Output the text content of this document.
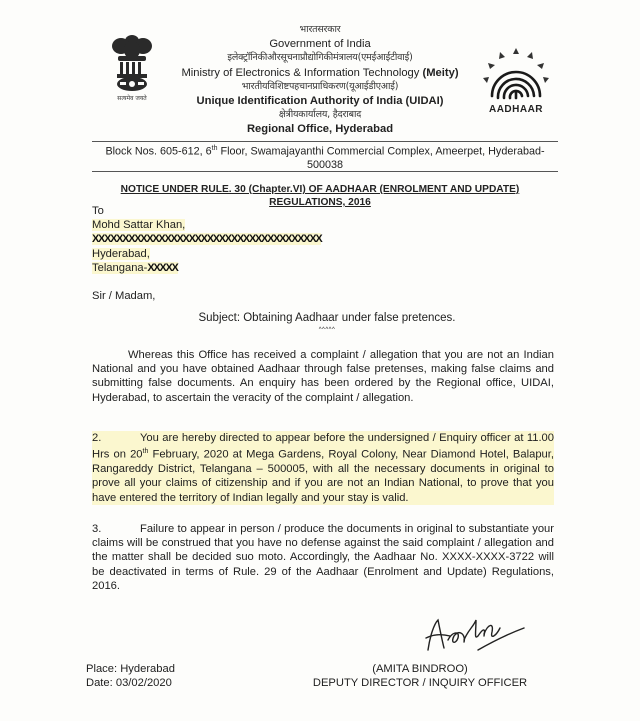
सत्यमेव जयते
AADHAAR
भारतसरकार
Government of India
इलेक्ट्रॉनिकीऔरसूचनाप्रौद्योगिकीमंत्रालय(एमईआईटीवाई)
Ministry of Electronics & Information Technology (Meity)
भारतीयविशिष्टपहचानप्राधिकरण(यूआईडीएआई)
Unique Identification Authority of India (UIDAI)
क्षेत्रीयकार्यालय, हैदराबाद
Regional Office, Hyderabad
Block Nos. 605-612, 6th Floor, Swamajayanthi Commercial Complex, Ameerpet, Hyderabad-
500038
NOTICE UNDER RULE. 30 (Chapter.VI) OF AADHAAR (ENROLMENT AND UPDATE)
REGULATIONS, 2016
To
Mohd Sattar Khan,
XXXXXXXXXXXXXXXXXXXXXXXXXXXXXXXXXXXXXX
Hyderabad,
Telangana-XXXXX
Sir / Madam,
Subject: Obtaining Aadhaar under false pretences.
^^^^^
Whereas this Office has received a complaint / allegation that you are not an Indian National and you have obtained Aadhaar through false pretenses, making false claims and submitting false documents. An enquiry has been ordered by the Regional office, UIDAI, Hyderabad, to ascertain the veracity of the complaint / allegation.
2.	You are hereby directed to appear before the undersigned / Enquiry officer at 11.00 Hrs on 20th February, 2020 at Mega Gardens, Royal Colony, Near Diamond Hotel, Balapur, Rangareddy District, Telangana – 500005, with all the necessary documents in original to prove all your claims of citizenship and if you are not an Indian National, to prove that you have entered the territory of Indian legally and your stay is valid.
3.	Failure to appear in person / produce the documents in original to substantiate your claims will be construed that you have no defense against the said complaint / allegation and the matter shall be decided suo moto. Accordingly, the Aadhaar No. XXXX-XXXX-3722 will be deactivated in terms of Rule. 29 of the Aadhaar (Enrolment and Update) Regulations, 2016.
Place: Hyderabad
Date: 03/02/2020
(AMITA BINDROO)
DEPUTY DIRECTOR / INQUIRY OFFICER
